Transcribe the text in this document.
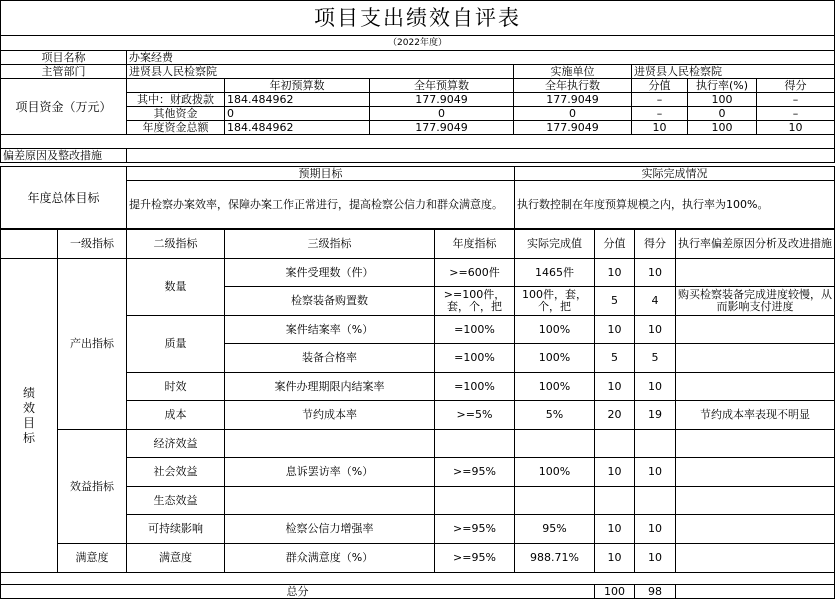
项目支出绩效自评表
（2022年度）
项目名称	办案经费						
主管部门	进贤县人民检察院			实施单位	进贤县人民检察院		
项目资金（万元）		年初预算数	全年预算数	全年执行数	分值	执行率(%)	得分
	其中：财政拨款	184.484962	177.9049	177.9049	–	100	–
	其他资金	0	0	0	–	0	–
	年度资金总额	184.484962	177.9049	177.9049	10	100	10

偏差原因及整改措施							
年度总体目标	预期目标	实际完成情况
	提升检察办案效率，保障办案工作正常进行，提高检察公信力和群众满意度。	执行数控制在年度预算规模之内，执行率为100%。
	一级指标	二级指标	三级指标	年度指标	实际完成值	分值	得分	执行率偏差原因分析及改进措施

绩效目标	产出指标	数量	案件受理数（件）	>=600件	1465件	10	10	
			检察装备购置数	>=100件，套，个，把	100件，套，个，把	5	4	购买检察装备完成进度较慢，从而影响支付进度
		质量	案件结案率（%）	=100%	100%	10	10	
			装备合格率	=100%	100%	5	5	
		时效	案件办理期限内结案率	=100%	100%	10	10	
		成本	节约成本率	>=5%	5%	20	19	节约成本率表现不明显
	效益指标	经济效益						
		社会效益	息诉罢访率（%）	>=95%	100%	10	10	
		生态效益						
		可持续影响	检察公信力增强率	>=95%	95%	10	10	
	满意度	满意度	群众满意度（%）	>=95%	988.71%	10	10	

总分						100	98	
